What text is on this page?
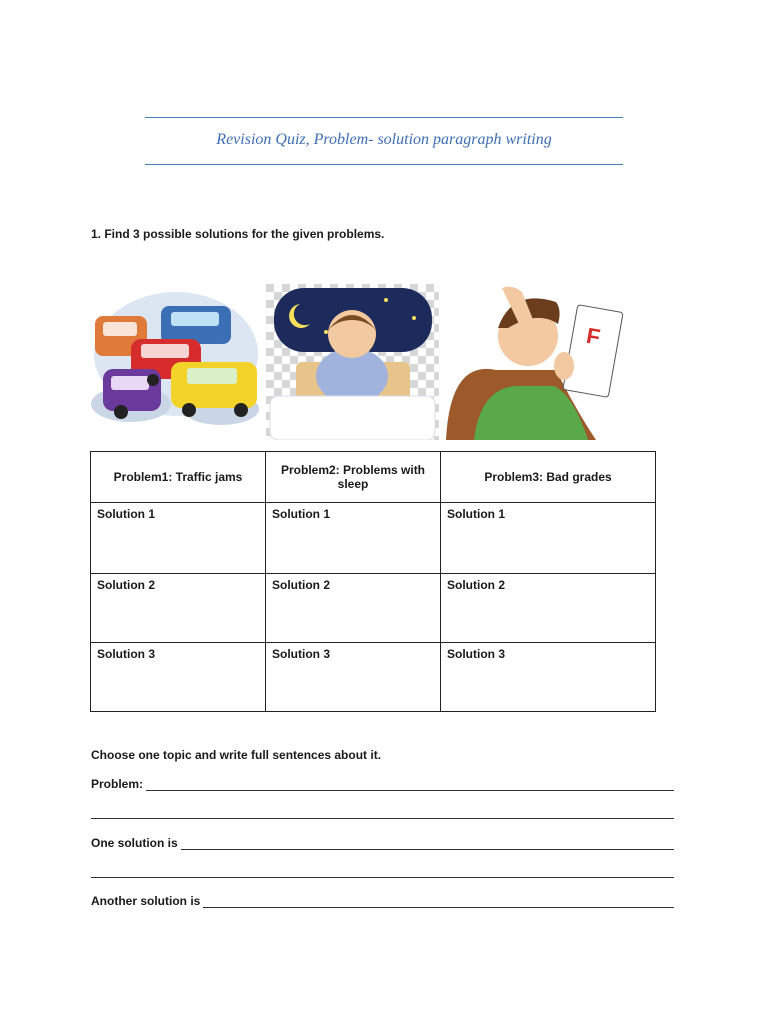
Revision Quiz, Problem- solution paragraph writing
1. Find 3 possible solutions for the given problems.
F
Problem1: Traffic jams	Problem2: Problems with sleep	Problem3: Bad grades
Solution 1	Solution 1	Solution 1
Solution 2	Solution 2	Solution 2
Solution 3	Solution 3	Solution 3
Choose one topic and write full sentences about it.
Problem:
One solution is
Another solution is
